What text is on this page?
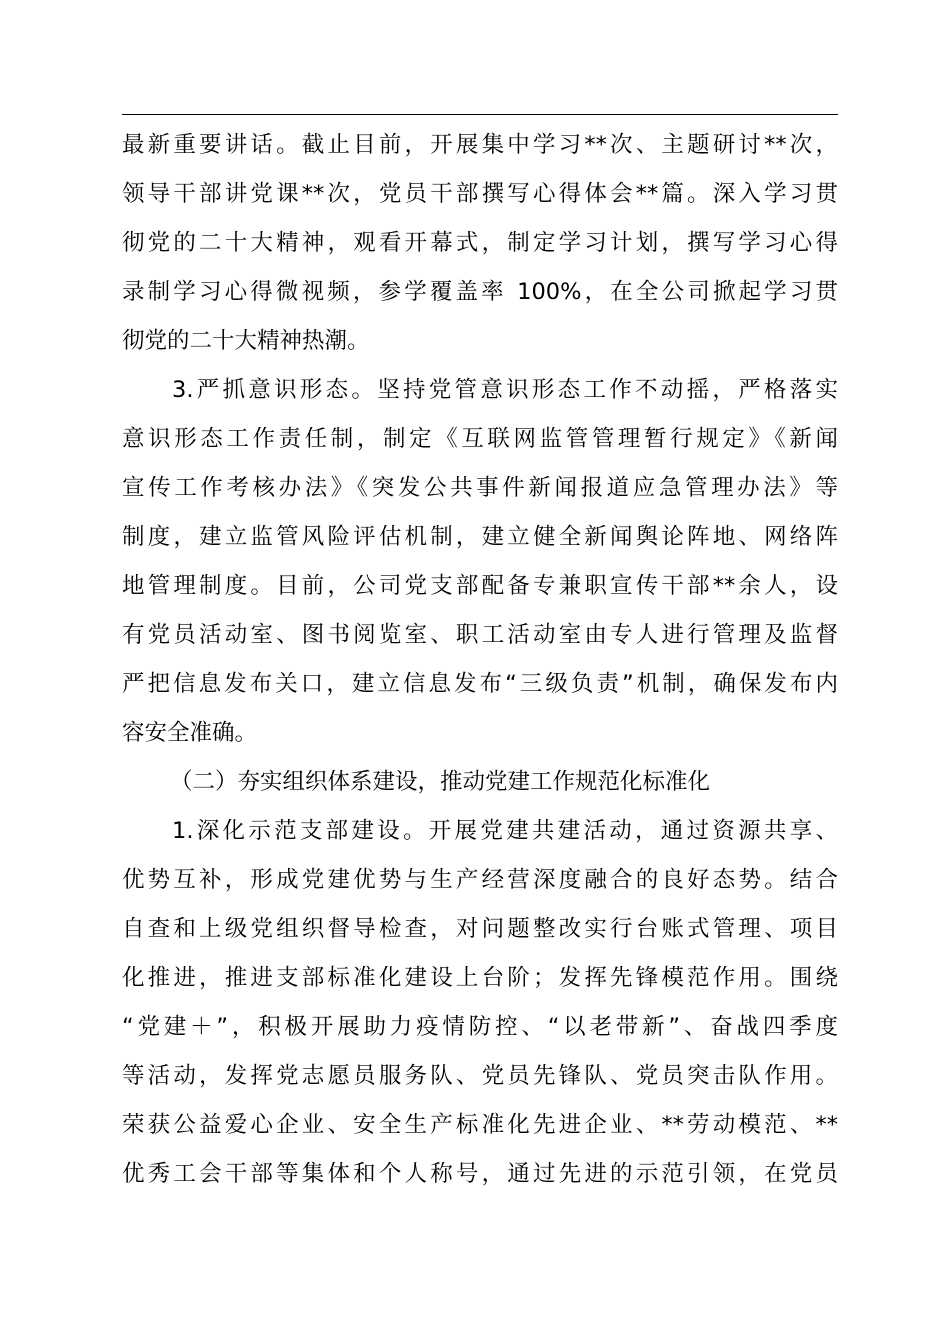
最新重要讲话。截止目前，开展集中学习**次、主题研讨**次，
领导干部讲党课**次，党员干部撰写心得体会**篇。深入学习贯
彻党的二十大精神，观看开幕式，制定学习计划，撰写学习心得
录制学习心得微视频，参学覆盖率 100%，在全公司掀起学习贯
彻党的二十大精神热潮。
3.严抓意识形态。坚持党管意识形态工作不动摇，严格落实
意识形态工作责任制，制定《互联网监管管理暂行规定》《新闻
宣传工作考核办法》《突发公共事件新闻报道应急管理办法》等
制度，建立监管风险评估机制，建立健全新闻舆论阵地、网络阵
地管理制度。目前，公司党支部配备专兼职宣传干部**余人，设
有党员活动室、图书阅览室、职工活动室由专人进行管理及监督
严把信息发布关口，建立信息发布“三级负责”机制，确保发布内
容安全准确。
（二）夯实组织体系建设，推动党建工作规范化标准化
1.深化示范支部建设。开展党建共建活动，通过资源共享、
优势互补，形成党建优势与生产经营深度融合的良好态势。结合
自查和上级党组织督导检查，对问题整改实行台账式管理、项目
化推进，推进支部标准化建设上台阶；发挥先锋模范作用。围绕
“党建＋”，积极开展助力疫情防控、“以老带新”、奋战四季度
等活动，发挥党志愿员服务队、党员先锋队、党员突击队作用。
荣获公益爱心企业、安全生产标准化先进企业、**劳动模范、**
优秀工会干部等集体和个人称号，通过先进的示范引领，在党员
